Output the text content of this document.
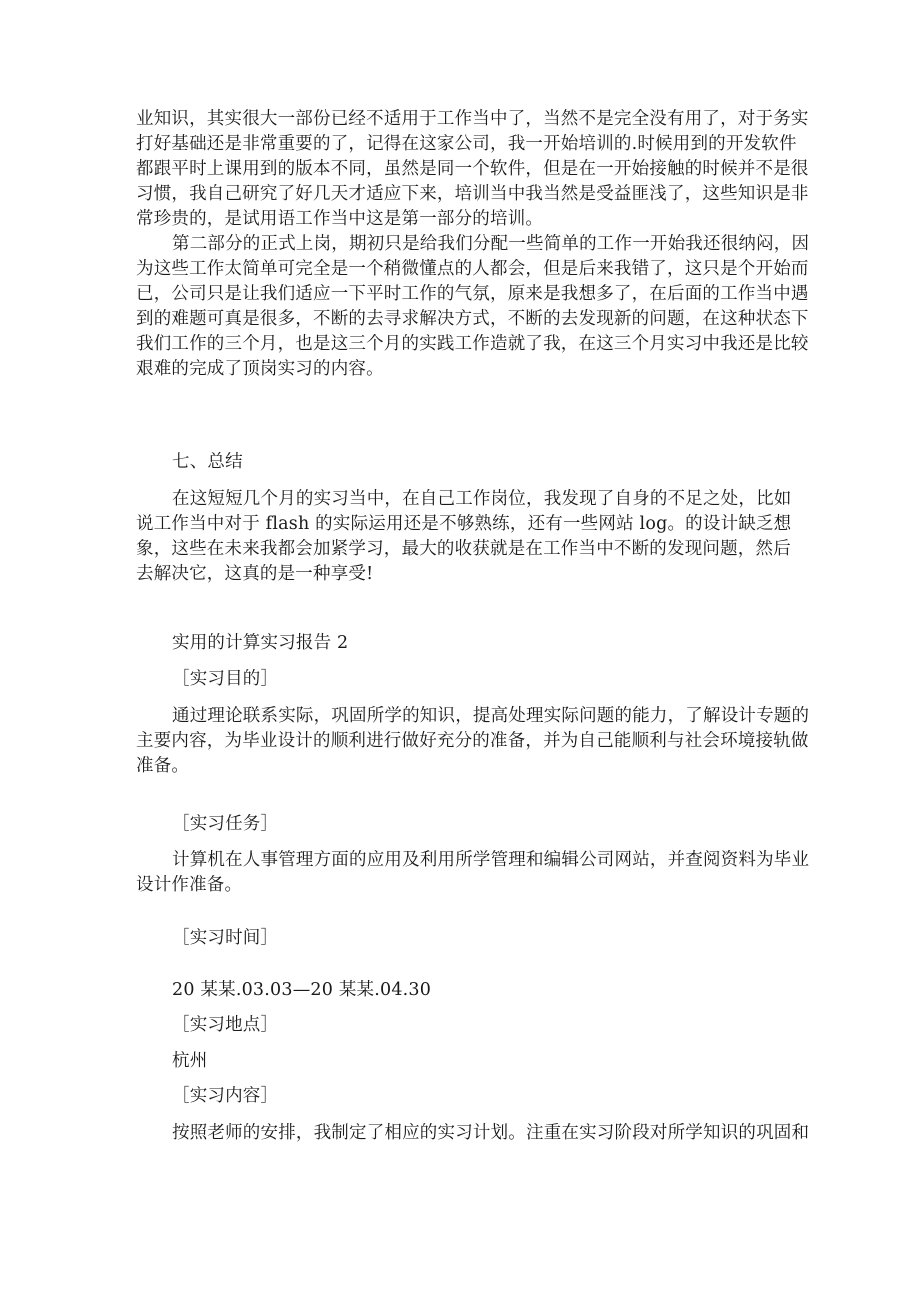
业知识，其实很大一部份已经不适用于工作当中了，当然不是完全没有用了，对于务实
打好基础还是非常重要的了，记得在这家公司，我一开始培训的.时候用到的开发软件
都跟平时上课用到的版本不同，虽然是同一个软件，但是在一开始接触的时候并不是很
习惯，我自己研究了好几天才适应下来，培训当中我当然是受益匪浅了，这些知识是非
常珍贵的，是试用语工作当中这是第一部分的培训。
第二部分的正式上岗，期初只是给我们分配一些简单的工作一开始我还很纳闷，因
为这些工作太简单可完全是一个稍微懂点的人都会，但是后来我错了，这只是个开始而
已，公司只是让我们适应一下平时工作的气氛，原来是我想多了，在后面的工作当中遇
到的难题可真是很多，不断的去寻求解决方式，不断的去发现新的问题，在这种状态下
我们工作的三个月，也是这三个月的实践工作造就了我，在这三个月实习中我还是比较
艰难的完成了顶岗实习的内容。

七、总结

在这短短几个月的实习当中，在自己工作岗位，我发现了自身的不足之处，比如
说工作当中对于 flash 的实际运用还是不够熟练，还有一些网站 log。的设计缺乏想
象，这些在未来我都会加紧学习，最大的收获就是在工作当中不断的发现问题，然后
去解决它，这真的是一种享受!

实用的计算实习报告 2

［实习目的］

通过理论联系实际，巩固所学的知识，提高处理实际问题的能力，了解设计专题的
主要内容，为毕业设计的顺利进行做好充分的准备，并为自己能顺利与社会环境接轨做
准备。

［实习任务］

计算机在人事管理方面的应用及利用所学管理和编辑公司网站，并查阅资料为毕业
设计作准备。

［实习时间］

20 某某.03.03—20 某某.04.30

［实习地点］

杭州

［实习内容］

按照老师的安排，我制定了相应的实习计划。注重在实习阶段对所学知识的巩固和
